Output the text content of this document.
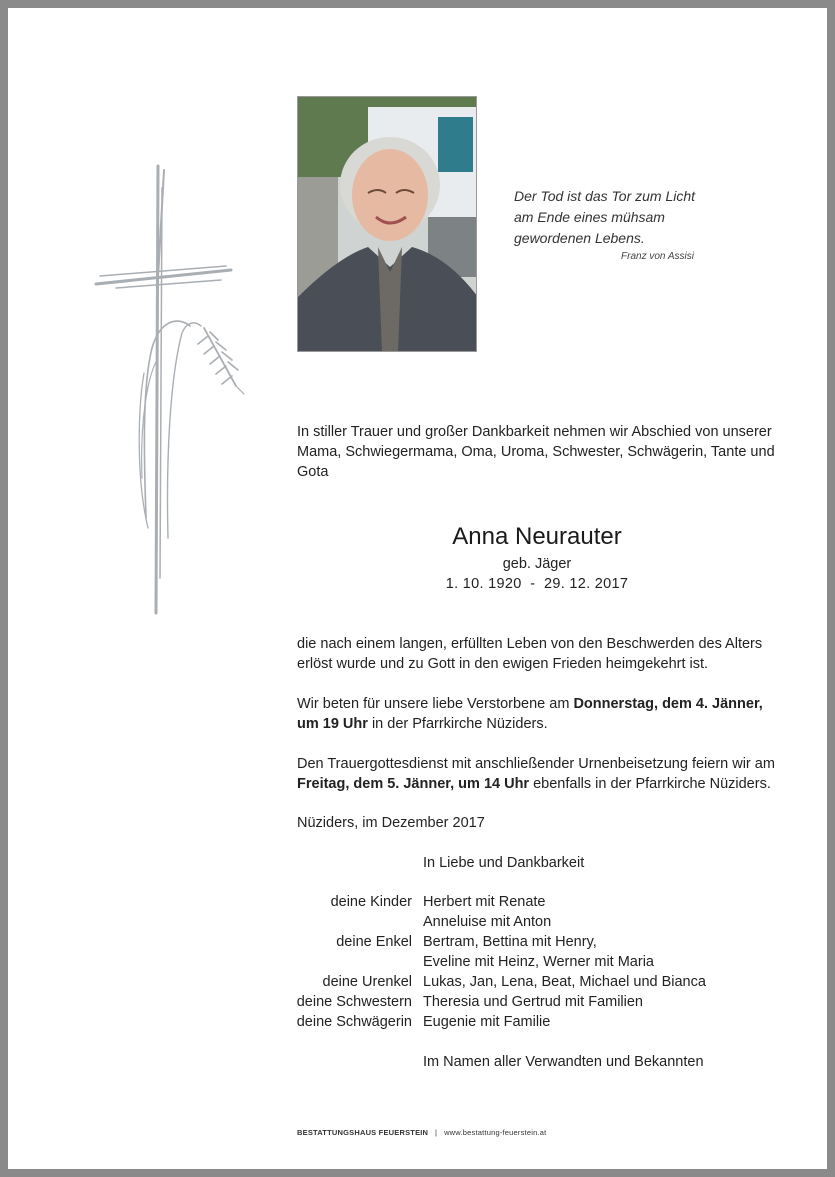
Der Tod ist das Tor zum Licht
am Ende eines mühsam
gewordenen Lebens.
Franz von Assisi
In stiller Trauer und großer Dankbarkeit nehmen wir Abschied von unserer Mama, Schwiegermama, Oma, Uroma, Schwester, Schwägerin, Tante und Gota
Anna Neurauter
geb. Jäger
1. 10. 1920  -  29. 12. 2017
die nach einem langen, erfüllten Leben von den Beschwerden des Alters erlöst wurde und zu Gott in den ewigen Frieden heimgekehrt ist.
Wir beten für unsere liebe Verstorbene am Donnerstag, dem 4. Jänner, um 19 Uhr in der Pfarrkirche Nüziders.
Den Trauergottesdienst mit anschließender Urnenbeisetzung feiern wir am Freitag, dem 5. Jänner, um 14 Uhr ebenfalls in der Pfarrkirche Nüziders.
Nüziders, im Dezember 2017
In Liebe und Dankbarkeit
deine Kinder Herbert mit Renate
Anneluise mit Anton
deine Enkel Bertram, Bettina mit Henry,
Eveline mit Heinz, Werner mit Maria
deine Urenkel Lukas, Jan, Lena, Beat, Michael und Bianca
deine Schwestern Theresia und Gertrud mit Familien
deine Schwägerin Eugenie mit Familie
Im Namen aller Verwandten und Bekannten
BESTATTUNGSHAUS FEUERSTEIN | www.bestattung-feuerstein.at
